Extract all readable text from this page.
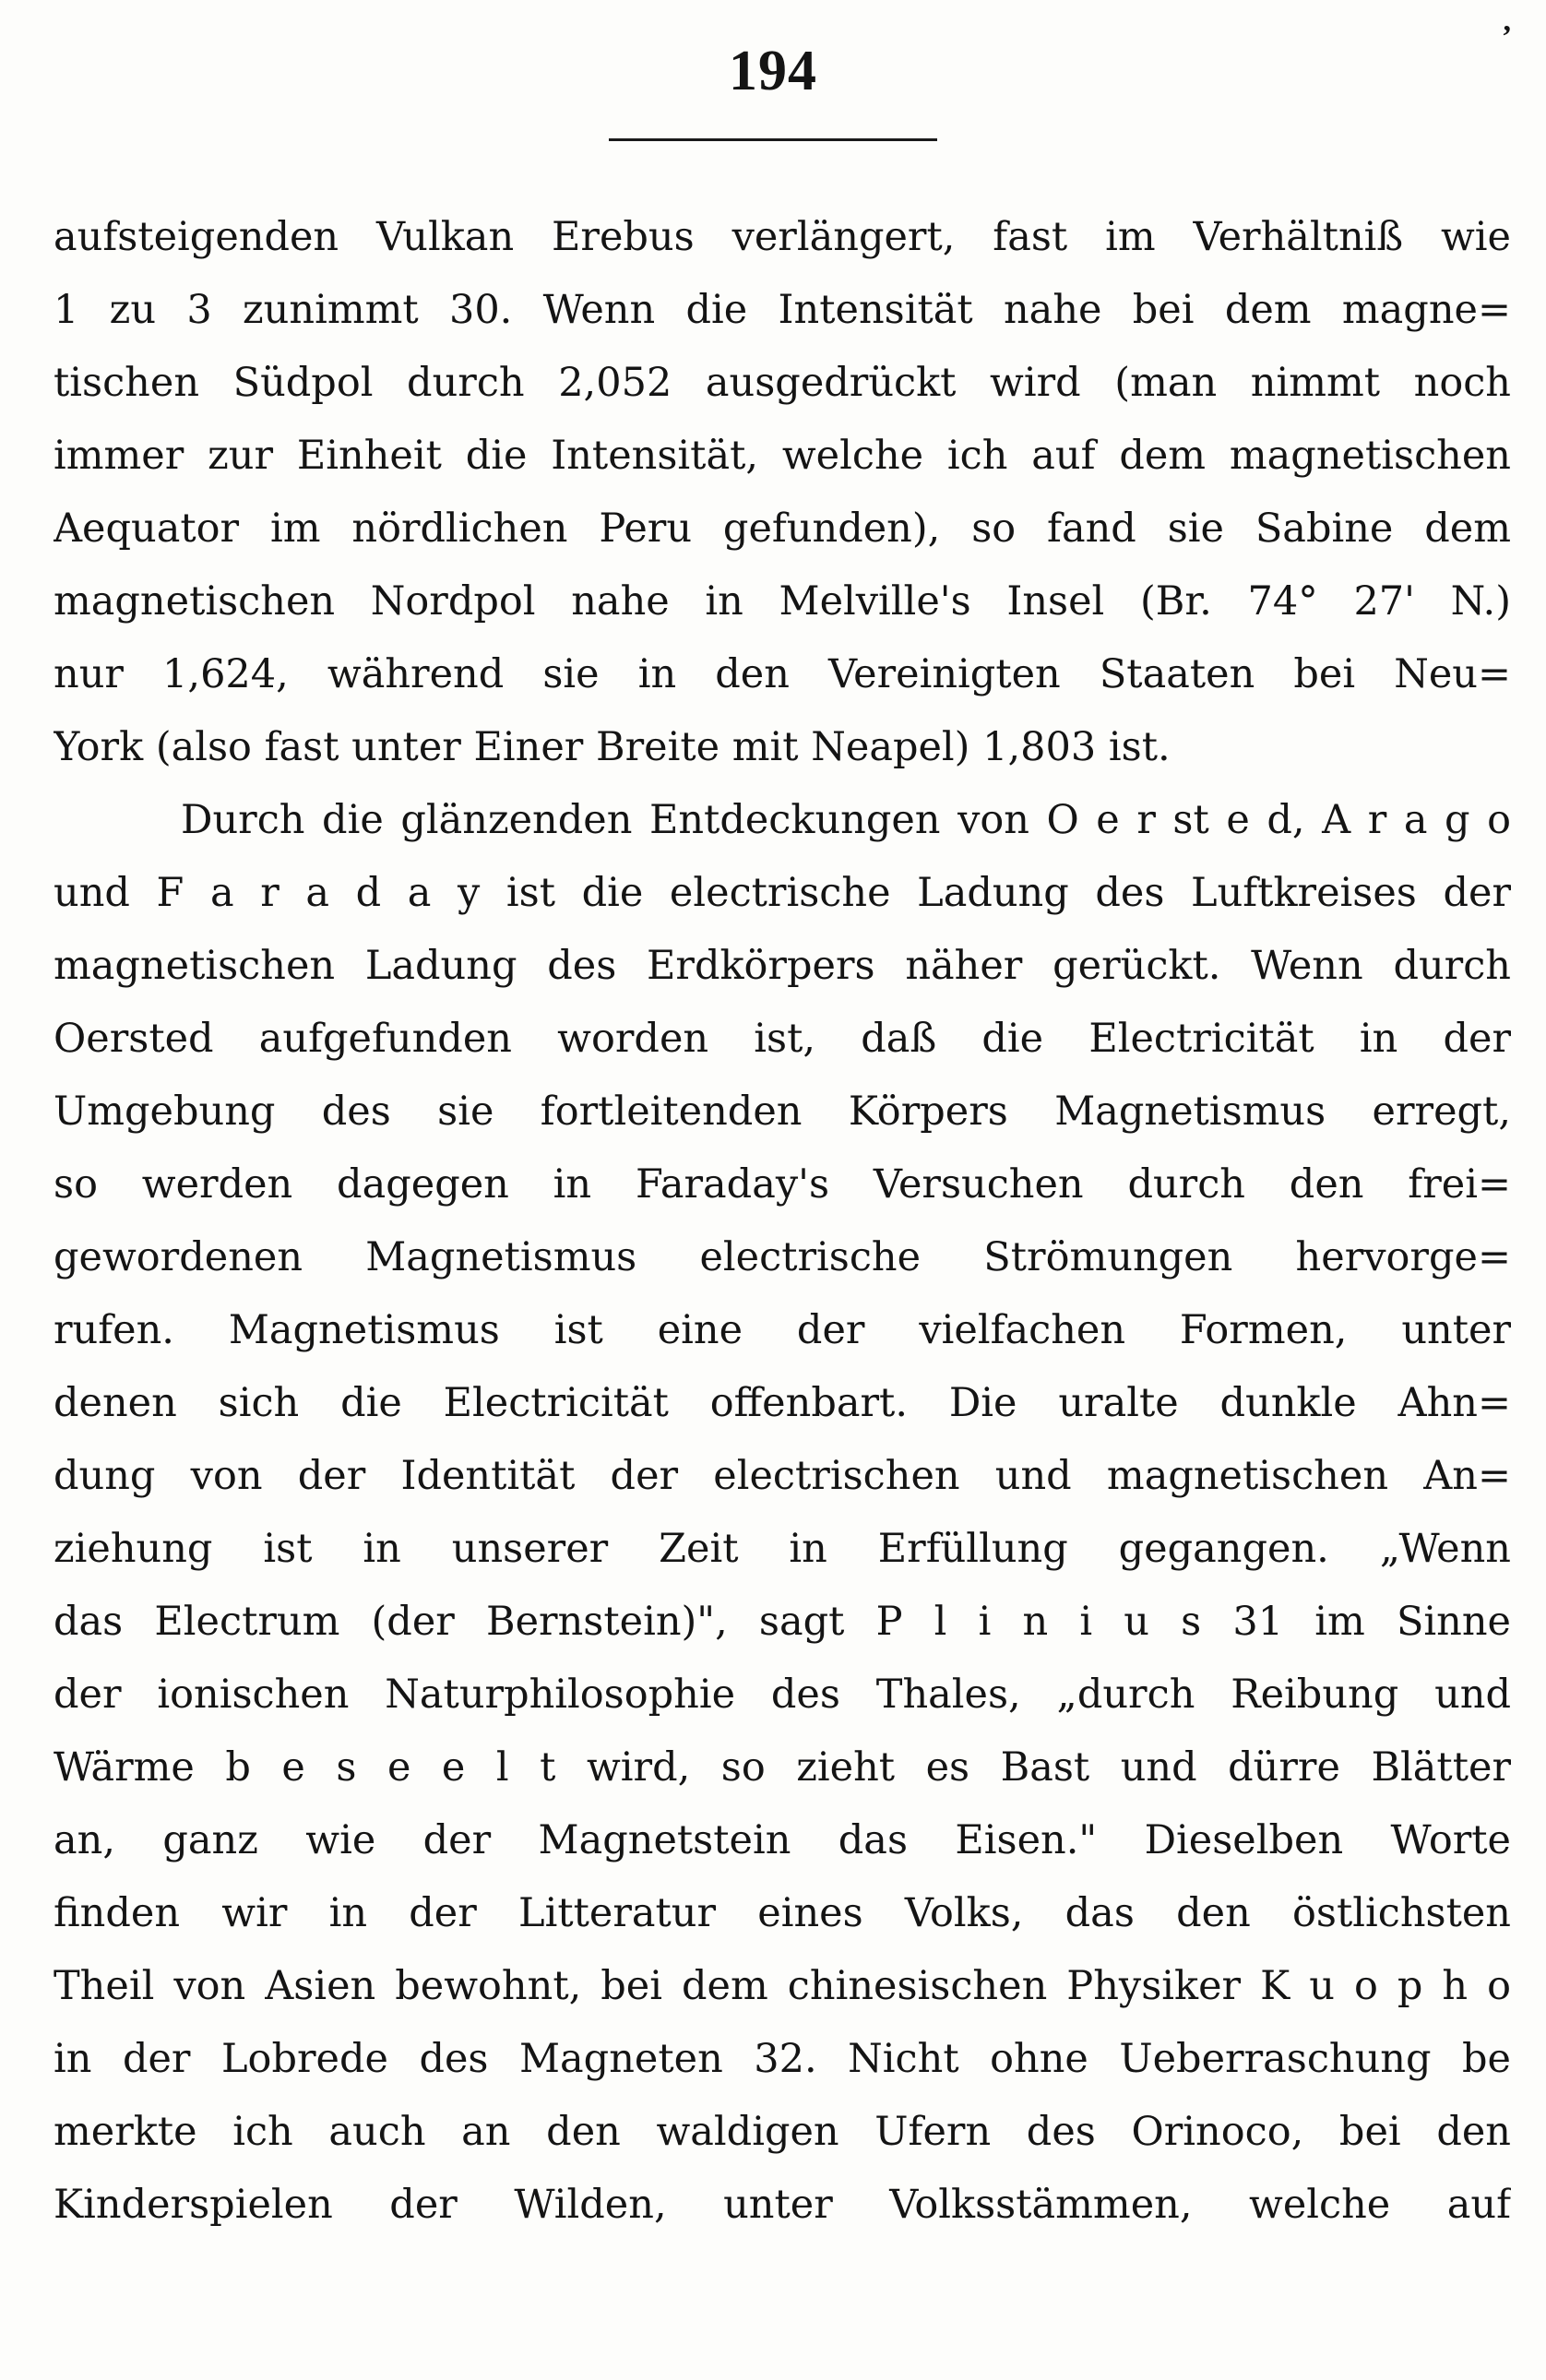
,
194
aufsteigenden Vulkan Erebus verlängert, fast im Verhältniß wie
1 zu 3 zunimmt 30. Wenn die Intensität nahe bei dem magne=
tischen Südpol durch 2,052 ausgedrückt wird (man nimmt noch
immer zur Einheit die Intensität, welche ich auf dem magnetischen
Aequator im nördlichen Peru gefunden), so fand sie Sabine dem
magnetischen Nordpol nahe in Melville's Insel (Br. 74° 27' N.)
nur 1,624, während sie in den Vereinigten Staaten bei Neu=
York (also fast unter Einer Breite mit Neapel) 1,803 ist.
Durch die glänzenden Entdeckungen von O e r st e d, A r a g o
und F a r a d a y ist die electrische Ladung des Luftkreises der
magnetischen Ladung des Erdkörpers näher gerückt. Wenn durch
Oersted aufgefunden worden ist, daß die Electricität in der
Umgebung des sie fortleitenden Körpers Magnetismus erregt,
so werden dagegen in Faraday's Versuchen durch den frei=
gewordenen Magnetismus electrische Strömungen hervorge=
rufen. Magnetismus ist eine der vielfachen Formen, unter
denen sich die Electricität offenbart. Die uralte dunkle Ahn=
dung von der Identität der electrischen und magnetischen An=
ziehung ist in unserer Zeit in Erfüllung gegangen. „Wenn
das Electrum (der Bernstein)", sagt P l i n i u s 31 im Sinne
der ionischen Naturphilosophie des Thales, „durch Reibung und
Wärme b e s e e l t wird, so zieht es Bast und dürre Blätter
an, ganz wie der Magnetstein das Eisen." Dieselben Worte
finden wir in der Litteratur eines Volks, das den östlichsten
Theil von Asien bewohnt, bei dem chinesischen Physiker K u o p h o
in der Lobrede des Magneten 32. Nicht ohne Ueberraschung be
merkte ich auch an den waldigen Ufern des Orinoco, bei den
Kinderspielen der Wilden, unter Volksstämmen, welche auf
